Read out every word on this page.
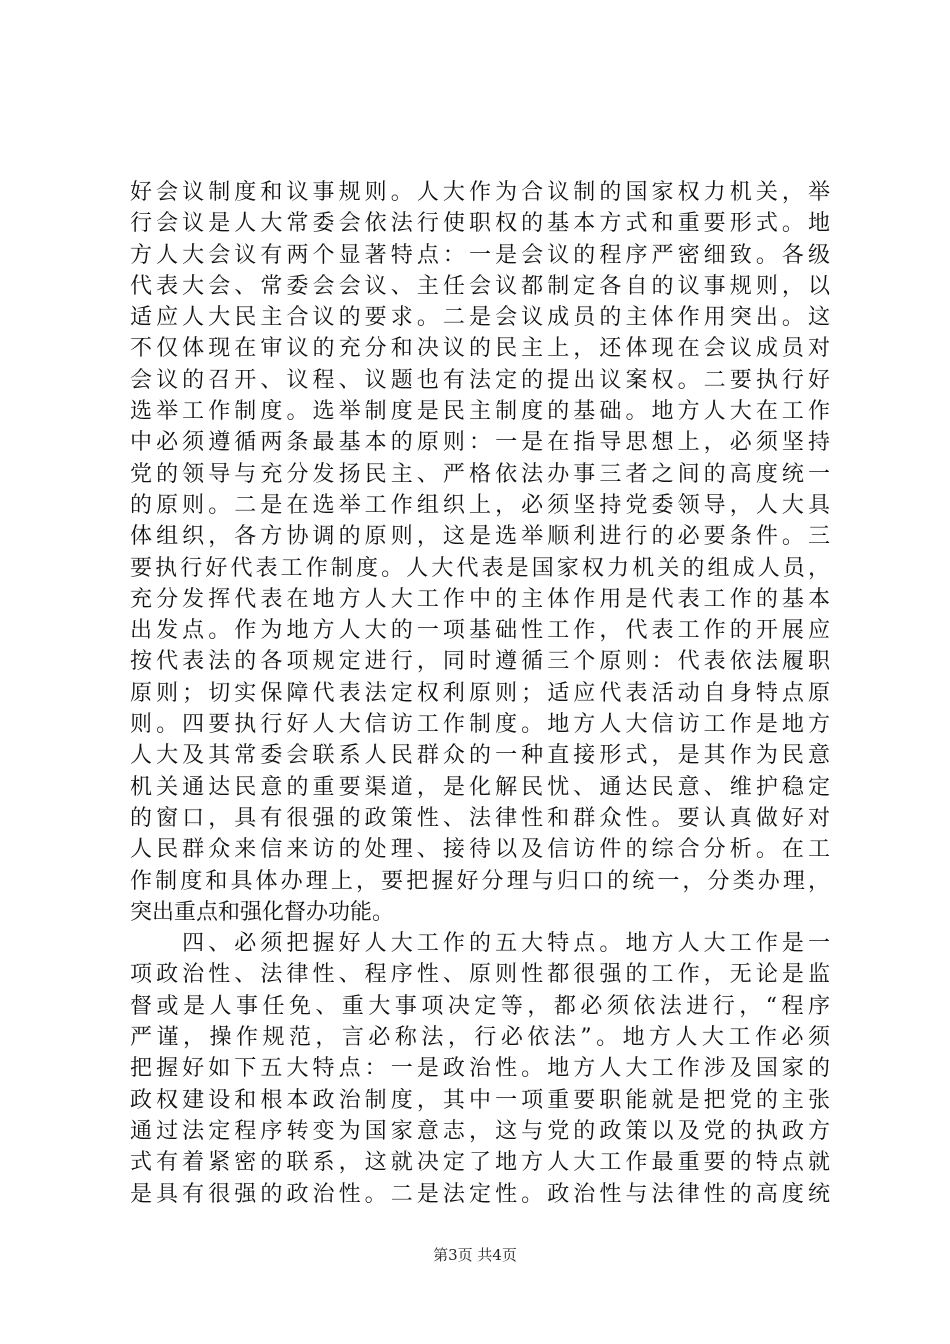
好会议制度和议事规则。人大作为合议制的国家权力机关，举
行会议是人大常委会依法行使职权的基本方式和重要形式。地
方人大会议有两个显著特点：一是会议的程序严密细致。各级
代表大会、常委会会议、主任会议都制定各自的议事规则，以
适应人大民主合议的要求。二是会议成员的主体作用突出。这
不仅体现在审议的充分和决议的民主上，还体现在会议成员对
会议的召开、议程、议题也有法定的提出议案权。二要执行好
选举工作制度。选举制度是民主制度的基础。地方人大在工作
中必须遵循两条最基本的原则：一是在指导思想上，必须坚持
党的领导与充分发扬民主、严格依法办事三者之间的高度统一
的原则。二是在选举工作组织上，必须坚持党委领导，人大具
体组织，各方协调的原则，这是选举顺利进行的必要条件。三
要执行好代表工作制度。人大代表是国家权力机关的组成人员，
充分发挥代表在地方人大工作中的主体作用是代表工作的基本
出发点。作为地方人大的一项基础性工作，代表工作的开展应
按代表法的各项规定进行，同时遵循三个原则：代表依法履职
原则；切实保障代表法定权利原则；适应代表活动自身特点原
则。四要执行好人大信访工作制度。地方人大信访工作是地方
人大及其常委会联系人民群众的一种直接形式，是其作为民意
机关通达民意的重要渠道，是化解民忧、通达民意、维护稳定
的窗口，具有很强的政策性、法律性和群众性。要认真做好对
人民群众来信来访的处理、接待以及信访件的综合分析。在工
作制度和具体办理上，要把握好分理与归口的统一，分类办理，
突出重点和强化督办功能。
　　四、必须把握好人大工作的五大特点。地方人大工作是一
项政治性、法律性、程序性、原则性都很强的工作，无论是监
督或是人事任免、重大事项决定等，都必须依法进行，“程序
严谨，操作规范，言必称法，行必依法”。地方人大工作必须
把握好如下五大特点：一是政治性。地方人大工作涉及国家的
政权建设和根本政治制度，其中一项重要职能就是把党的主张
通过法定程序转变为国家意志，这与党的政策以及党的执政方
式有着紧密的联系，这就决定了地方人大工作最重要的特点就
是具有很强的政治性。二是法定性。政治性与法律性的高度统
第3页 共4页
